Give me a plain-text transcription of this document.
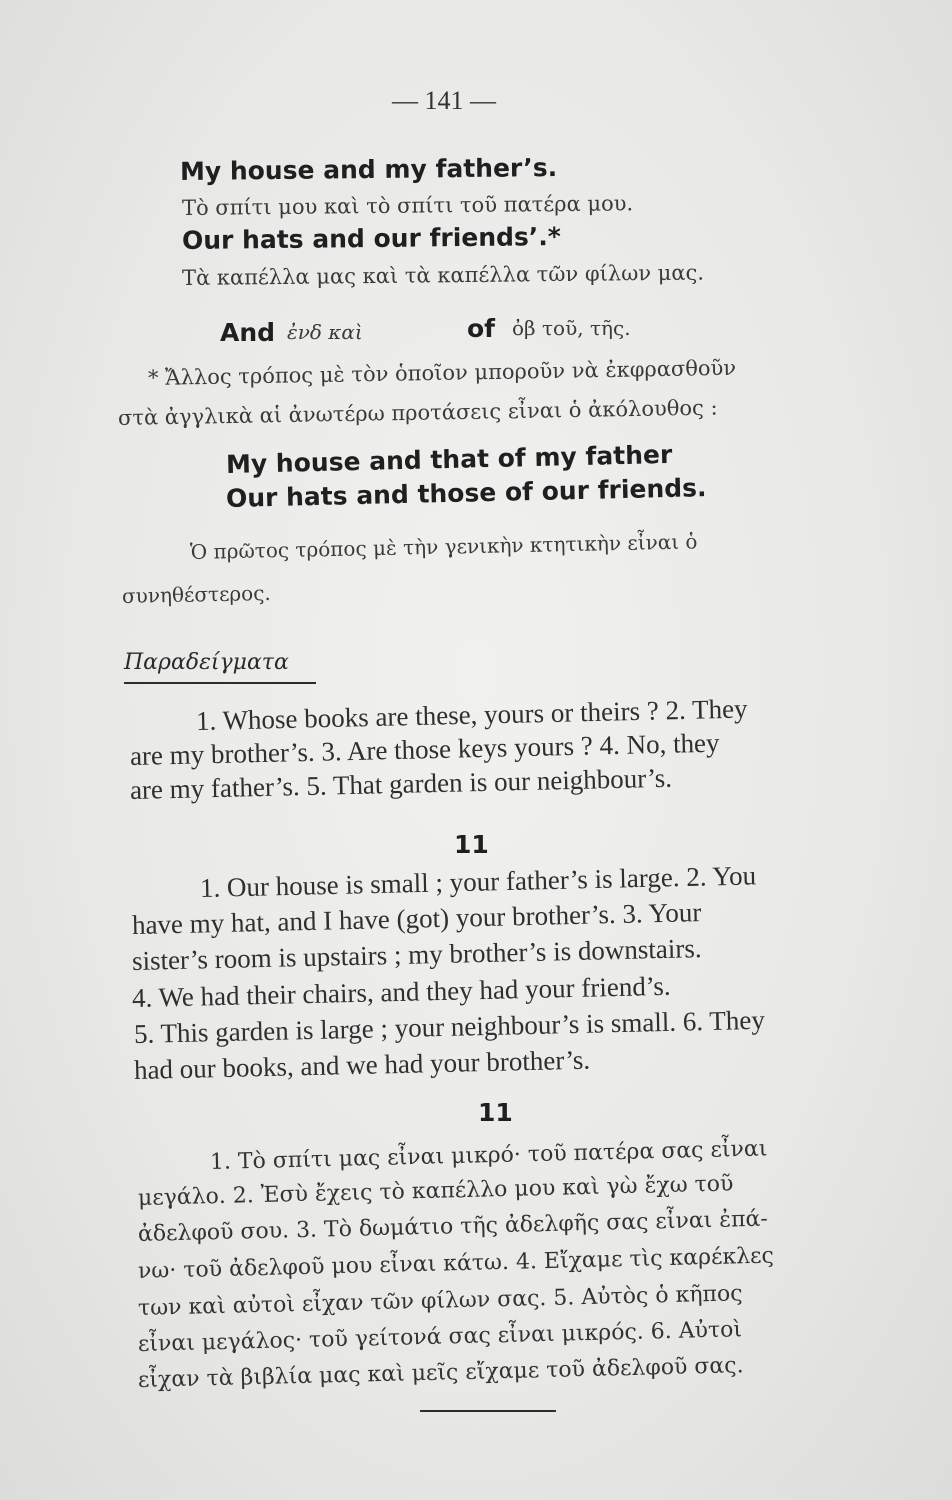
— 141 —
My house and my father’s.
Τὸ σπίτι μου καὶ τὸ σπίτι τοῦ πατέρα μου.
Our hats and our friends’.*
Τὰ καπέλλα μας καὶ τὰ καπέλλα τῶν φίλων μας.
And ἐνδ καὶ	of ὀβ τοῦ, τῆς.
* Ἄλλος τρόπος μὲ τὸν ὁποῖον μποροῦν νὰ ἐκφρασθοῦν
στὰ ἀγγλικὰ αἱ ἀνωτέρω προτάσεις εἶναι ὁ ἀκόλουθος :
My house and that of my father
Our hats and those of our friends.
Ὁ πρῶτος τρόπος μὲ τὴν γενικὴν κτητικὴν εἶναι ὁ
συνηθέστερος.
Παραδείγματα
1. Whose books are these, yours or theirs ? 2. They
are my brother’s. 3. Are those keys yours ? 4. No, they
are my father’s. 5. That garden is our neighbour’s.
11
1. Our house is small ; your father’s is large. 2. You
have my hat, and I have (got) your brother’s. 3. Your
sister’s room is upstairs ; my brother’s is downstairs.
4. We had their chairs, and they had your friend’s.
5. This garden is large ; your neighbour’s is small. 6. They
had our books, and we had your brother’s.
11
1. Τὸ σπίτι μας εἶναι μικρό· τοῦ πατέρα σας εἶναι
μεγάλο. 2. Ἐσὺ ἔχεις τὸ καπέλλο μου καὶ γὼ ἔχω τοῦ
ἀδελφοῦ σου. 3. Τὸ δωμάτιο τῆς ἀδελφῆς σας εἶναι ἐπά-
νω· τοῦ ἀδελφοῦ μου εἶναι κάτω. 4. Εἴχαμε τὶς καρέκλες
των καὶ αὐτοὶ εἶχαν τῶν φίλων σας. 5. Αὐτὸς ὁ κῆπος
εἶναι μεγάλος· τοῦ γείτονά σας εἶναι μικρός. 6. Αὐτοὶ
εἶχαν τὰ βιβλία μας καὶ μεῖς εἴχαμε τοῦ ἀδελφοῦ σας.
